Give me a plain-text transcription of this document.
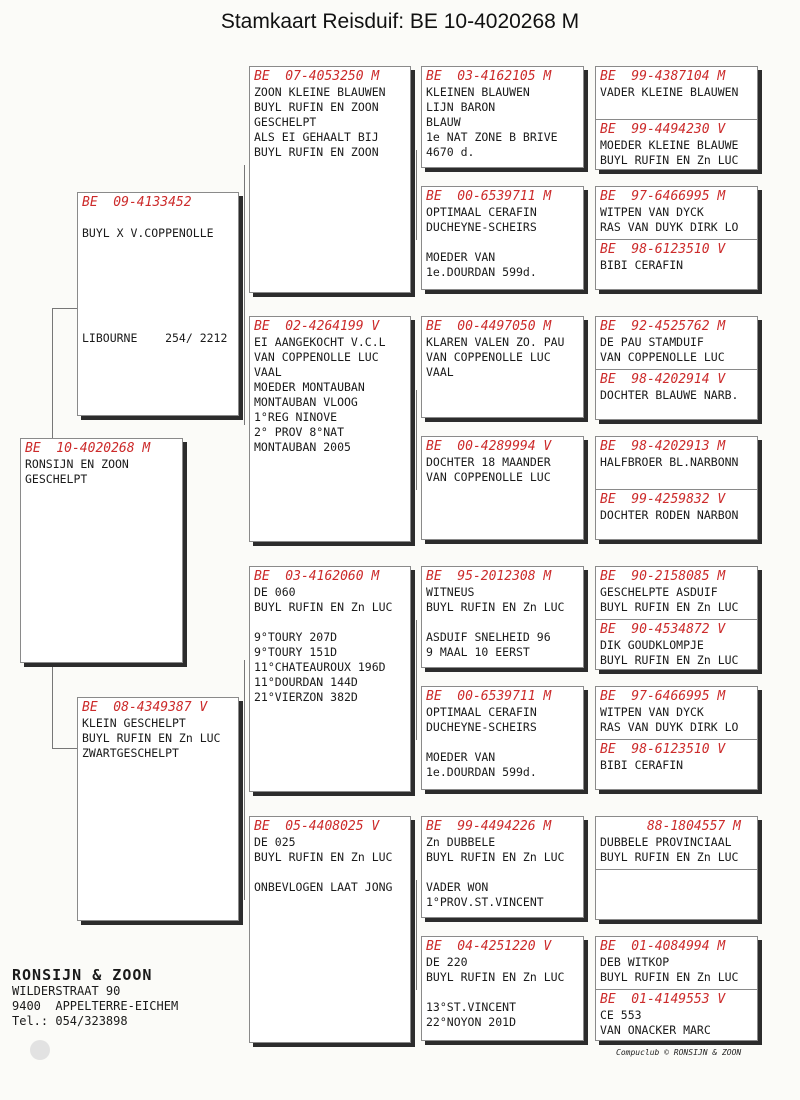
Stamkaart Reisduif: BE 10-4020268 M
BE  10-4020268 M
RONSIJN EN ZOON
GESCHELPT
BE  09-4133452
BUYL X V.COPPENOLLE
LIBOURNE    254/ 2212
BE  08-4349387 V
KLEIN GESCHELPT
BUYL RUFIN EN Zn LUC
ZWARTGESCHELPT
BE  07-4053250 M
ZOON KLEINE BLAUWEN
BUYL RUFIN EN ZOON
GESCHELPT
ALS EI GEHAALT BIJ
BUYL RUFIN EN ZOON
BE  02-4264199 V
EI AANGEKOCHT V.C.L
VAN COPPENOLLE LUC
VAAL
MOEDER MONTAUBAN
MONTAUBAN VLOOG
1°REG NINOVE
2° PROV 8°NAT
MONTAUBAN 2005
BE  03-4162060 M
DE 060
BUYL RUFIN EN Zn LUC
9°TOURY 207D
9°TOURY 151D
11°CHATEAUROUX 196D
11°DOURDAN 144D
21°VIERZON 382D
BE  05-4408025 V
DE 025
BUYL RUFIN EN Zn LUC
ONBEVLOGEN LAAT JONG
BE  03-4162105 M
KLEINEN BLAUWEN
LIJN BARON
BLAUW
1e NAT ZONE B BRIVE
4670 d.
BE  00-6539711 M
OPTIMAAL CERAFIN
DUCHEYNE-SCHEIRS
MOEDER VAN
1e.DOURDAN 599d.
BE  00-4497050 M
KLAREN VALEN ZO. PAU
VAN COPPENOLLE LUC
VAAL
BE  00-4289994 V
DOCHTER 18 MAANDER
VAN COPPENOLLE LUC
BE  95-2012308 M
WITNEUS
BUYL RUFIN EN Zn LUC
ASDUIF SNELHEID 96
9 MAAL 10 EERST
BE  00-6539711 M
OPTIMAAL CERAFIN
DUCHEYNE-SCHEIRS
MOEDER VAN
1e.DOURDAN 599d.
BE  99-4494226 M
Zn DUBBELE
BUYL RUFIN EN Zn LUC
VADER WON
1°PROV.ST.VINCENT
BE  04-4251220 V
DE 220
BUYL RUFIN EN Zn LUC
13°ST.VINCENT
22°NOYON 201D
BE  99-4387104 M
VADER KLEINE BLAUWEN
BE  99-4494230 V
MOEDER KLEINE BLAUWE
BUYL RUFIN EN Zn LUC
BE  97-6466995 M
WITPEN VAN DYCK
RAS VAN DUYK DIRK LO
BE  98-6123510 V
BIBI CERAFIN
BE  92-4525762 M
DE PAU STAMDUIF
VAN COPPENOLLE LUC
BE  98-4202914 V
DOCHTER BLAUWE NARB.
BE  98-4202913 M
HALFBROER BL.NARBONN
BE  99-4259832 V
DOCHTER RODEN NARBON
BE  90-2158085 M
GESCHELPTE ASDUIF
BUYL RUFIN EN Zn LUC
BE  90-4534872 V
DIK GOUDKLOMPJE
BUYL RUFIN EN Zn LUC
BE  97-6466995 M
WITPEN VAN DYCK
RAS VAN DUYK DIRK LO
BE  98-6123510 V
BIBI CERAFIN
88-1804557 M
DUBBELE PROVINCIAAL
BUYL RUFIN EN Zn LUC
BE  01-4084994 M
DEB WITKOP
BUYL RUFIN EN Zn LUC
BE  01-4149553 V
CE 553
VAN ONACKER MARC
RONSIJN & ZOON
WILDERSTRAAT 90
9400  APPELTERRE-EICHEM
Tel.: 054/323898
Compuclub © RONSIJN & ZOON
